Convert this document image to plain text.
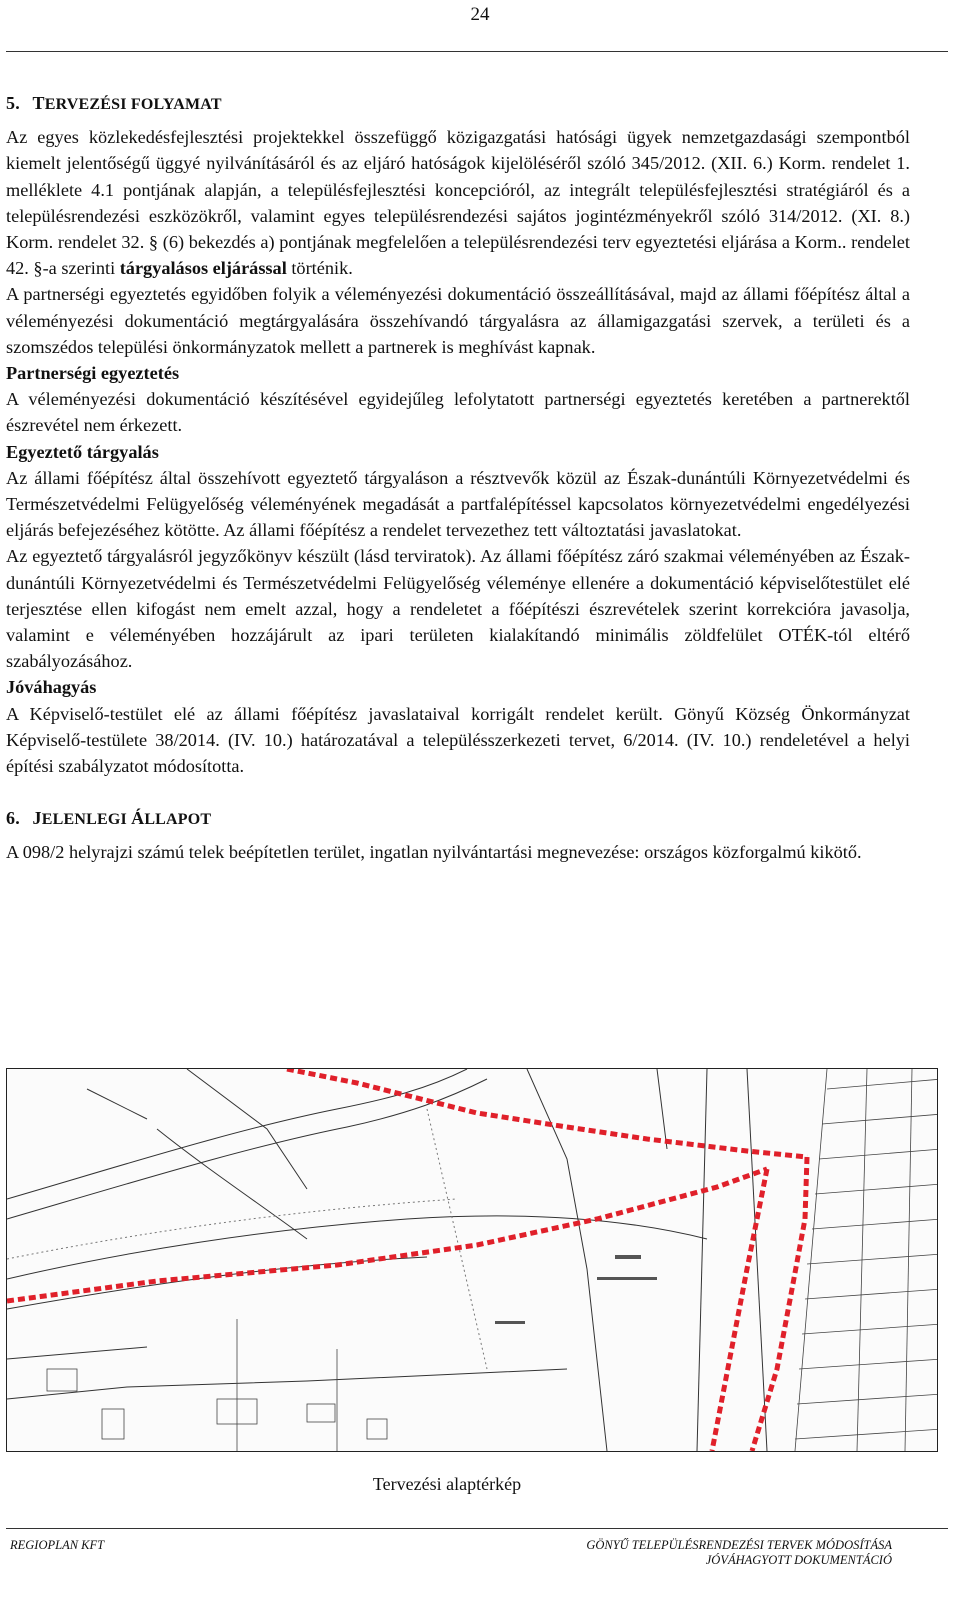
24
5. TERVEZÉSI FOLYAMAT

Az egyes közlekedésfejlesztési projektekkel összefüggő közigazgatási hatósági ügyek nemzetgazdasági szempontból kiemelt jelentőségű üggyé nyilvánításáról és az eljáró hatóságok kijelöléséről szóló 345/2012. (XII. 6.) Korm. rendelet 1. melléklete 4.1 pontjának alapján, a településfejlesztési koncepcióról, az integrált településfejlesztési stratégiáról és a településrendezési eszközökről, valamint egyes településrendezési sajátos jogintézményekről szóló 314/2012. (XI. 8.) Korm. rendelet 32. § (6) bekezdés a) pontjának megfelelően a településrendezési terv egyeztetési eljárása a Korm.. rendelet 42. §-a szerinti tárgyalásos eljárással történik.

A partnerségi egyeztetés egyidőben folyik a véleményezési dokumentáció összeállításával, majd az állami főépítész által a véleményezési dokumentáció megtárgyalására összehívandó tárgyalásra az államigazgatási szervek, a területi és a szomszédos települési önkormányzatok mellett a partnerek is meghívást kapnak.

Partnerségi egyeztetés

A véleményezési dokumentáció készítésével egyidejűleg lefolytatott partnerségi egyeztetés keretében a partnerektől észrevétel nem érkezett.

Egyeztető tárgyalás

Az állami főépítész által összehívott egyeztető tárgyaláson a résztvevők közül az Észak-dunántúli Környezetvédelmi és Természetvédelmi Felügyelőség véleményének megadását a partfalépítéssel kapcsolatos környezetvédelmi engedélyezési eljárás befejezéséhez kötötte. Az állami főépítész a rendelet tervezethez tett változtatási javaslatokat.

Az egyeztető tárgyalásról jegyzőkönyv készült (lásd terviratok). Az állami főépítész záró szakmai véleményében az Észak-dunántúli Környezetvédelmi és Természetvédelmi Felügyelőség véleménye ellenére a dokumentáció képviselőtestület elé terjesztése ellen kifogást nem emelt azzal, hogy a rendeletet a főépítészi észrevételek szerint korrekcióra javasolja, valamint e véleményében hozzájárult az ipari területen kialakítandó minimális zöldfelület OTÉK-tól eltérő szabályozásához.

Jóváhagyás

A Képviselő-testület elé az állami főépítész javaslataival korrigált rendelet került. Gönyű Község Önkormányzat Képviselő-testülete 38/2014. (IV. 10.) határozatával a településszerkezeti tervet, 6/2014. (IV. 10.) rendeletével a helyi építési szabályzatot módosította.

6. JELENLEGI ÁLLAPOT

A 098/2 helyrajzi számú telek beépítetlen terület, ingatlan nyilvántartási megnevezése: országos közforgalmú kikötő.

Tervezési alaptérkép
REGIOPLAN KFT	GÖNYŰ TELEPÜLÉSRENDEZÉSI TERVEK MÓDOSÍTÁSA
JÓVÁHAGYOTT DOKUMENTÁCIÓ
